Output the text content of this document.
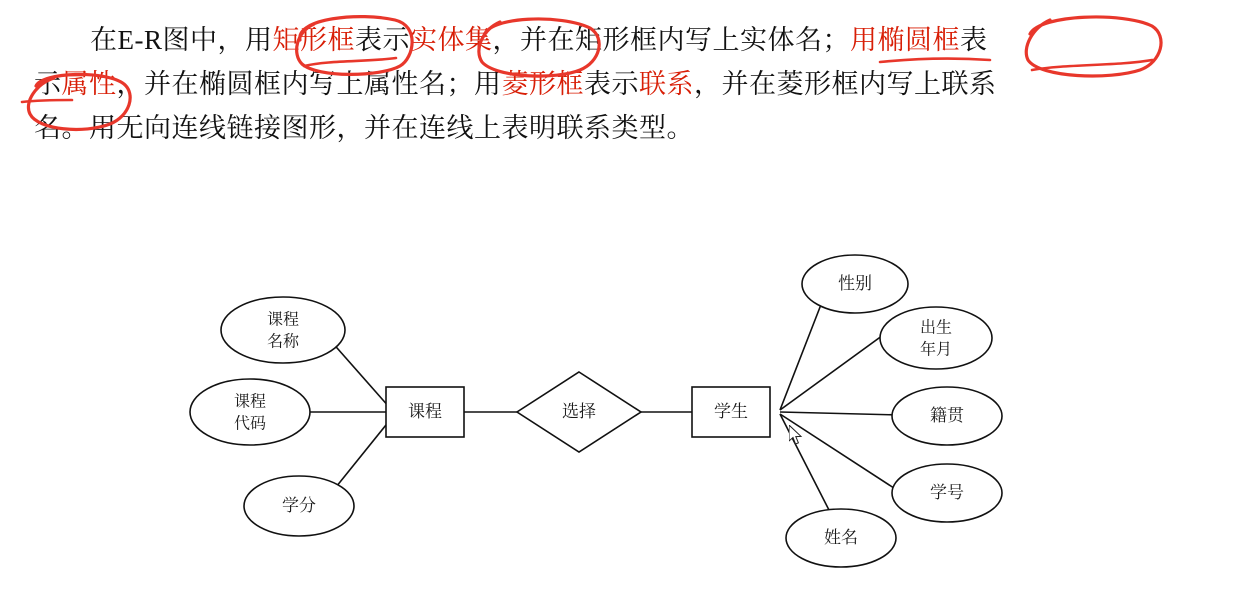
在E-R图中，用矩形框表示实体集，并在矩形框内写上实体名；用椭圆框表
示属性，并在椭圆框内写上属性名；用菱形框表示联系，并在菱形框内写上联系
名。用无向连线链接图形，并在连线上表明联系类型。
课程
名称
课程
代码
学分
课程	选择	学生
性别
出生
年月
籍贯
学号
姓名
